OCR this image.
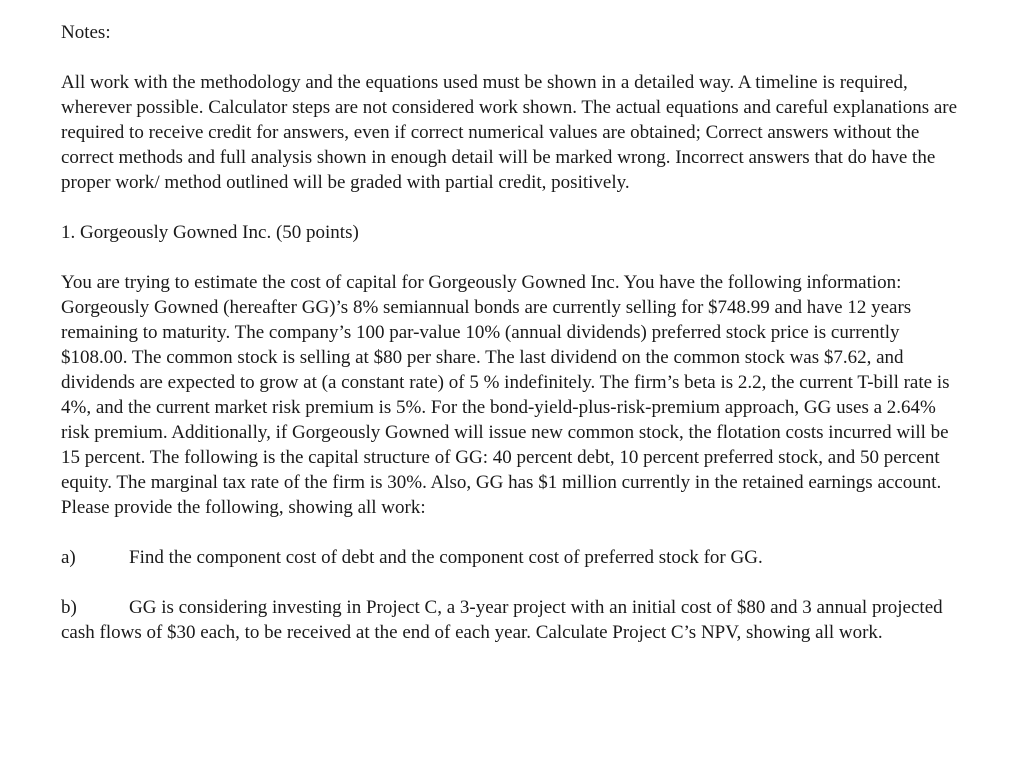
Notes:

All work with the methodology and the equations used must be shown in a detailed way. A timeline is required, wherever possible. Calculator steps are not considered work shown. The actual equations and careful explanations are required to receive credit for answers, even if correct numerical values are obtained; Correct answers without the correct methods and full analysis shown in enough detail will be marked wrong. Incorrect answers that do have the proper work/ method outlined will be graded with partial credit, positively.

1. Gorgeously Gowned Inc. (50 points)

You are trying to estimate the cost of capital for Gorgeously Gowned Inc. You have the following information: Gorgeously Gowned (hereafter GG)’s 8% semiannual bonds are currently selling for $748.99 and have 12 years remaining to maturity. The company’s 100 par-value 10% (annual dividends) preferred stock price is currently $108.00. The common stock is selling at $80 per share. The last dividend on the common stock was $7.62, and dividends are expected to grow at (a constant rate) of 5 % indefinitely. The firm’s beta is 2.2, the current T-bill rate is 4%, and the current market risk premium is 5%. For the bond-yield-plus-risk-premium approach, GG uses a 2.64% risk premium. Additionally, if Gorgeously Gowned will issue new common stock, the flotation costs incurred will be 15 percent. The following is the capital structure of GG: 40 percent debt, 10 percent preferred stock, and 50 percent equity. The marginal tax rate of the firm is 30%. Also, GG has $1 million currently in the retained earnings account. Please provide the following, showing all work:

a)	Find the component cost of debt and the component cost of preferred stock for GG.

b)	GG is considering investing in Project C, a 3-year project with an initial cost of $80 and 3 annual projected cash flows of $30 each, to be received at the end of each year. Calculate Project C’s NPV, showing all work.
